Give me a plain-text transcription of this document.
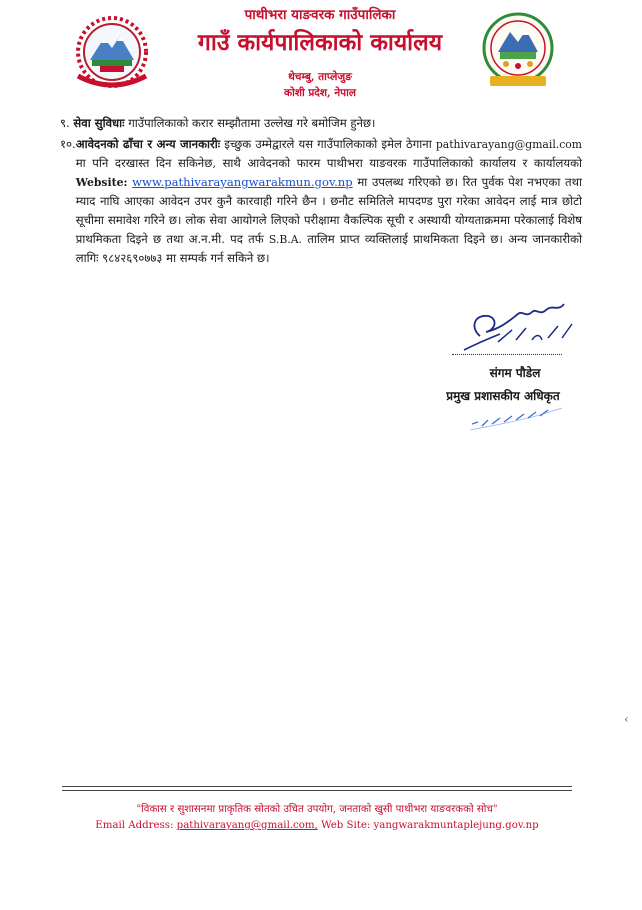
पाथीभरा याङवरक गाउँपालिका
गाउँ कार्यपालिकाको कार्यालय
थेचम्बु, ताप्लेजुङ
कोशी प्रदेश, नेपाल
९.
सेवा सुविधाः गाउँपालिकाको करार सम्झौतामा उल्लेख गरे बमोजिम हुनेछ।
१०. आवेदनको ढाँचा र अन्य जानकारीः इच्छुक उम्मेद्वारले यस गाउँपालिकाको इमेल ठेगाना pathivarayang@gmail.com मा पनि दरखास्त दिन सकिनेछ, साथै आवेदनको फारम पाथीभरा याङवरक गाउँपालिकाको कार्यालय र कार्यालयको Website: www.pathivarayangwarakmun.gov.np मा उपलब्ध गरिएको छ। रित पुर्वक पेश नभएका तथा म्याद नाघि आएका आवेदन उपर कुनै कारवाही गरिने छैन । छनौट समितिले मापदण्ड पुरा गरेका आवेदन लाई मात्र छोटो सूचीमा समावेश गरिने छ। लोक सेवा आयोगले लिएको परीक्षामा वैकल्पिक सूची र अस्थायी योग्यताक्रममा परेकालाई विशेष प्राथमिकता दिइने छ तथा अ.न.मी. पद तर्फ S.B.A. तालिम प्राप्त व्यक्तिलाई प्राथमिकता दिइने छ। अन्य जानकारीको लागिः ९८४२६९०७७३ मा सम्पर्क गर्न सकिने छ।
संगम पौडेल
प्रमुख प्रशासकीय अधिकृत
‹
"विकास र सुशासनमा प्राकृतिक स्रोतको उचित उपयोग, जनताको खुसी पाथीभरा याङवरकको सोच"
Email Address: pathivarayang@gmail.com, Web Site: yangwarakmuntaplejung.gov.np
